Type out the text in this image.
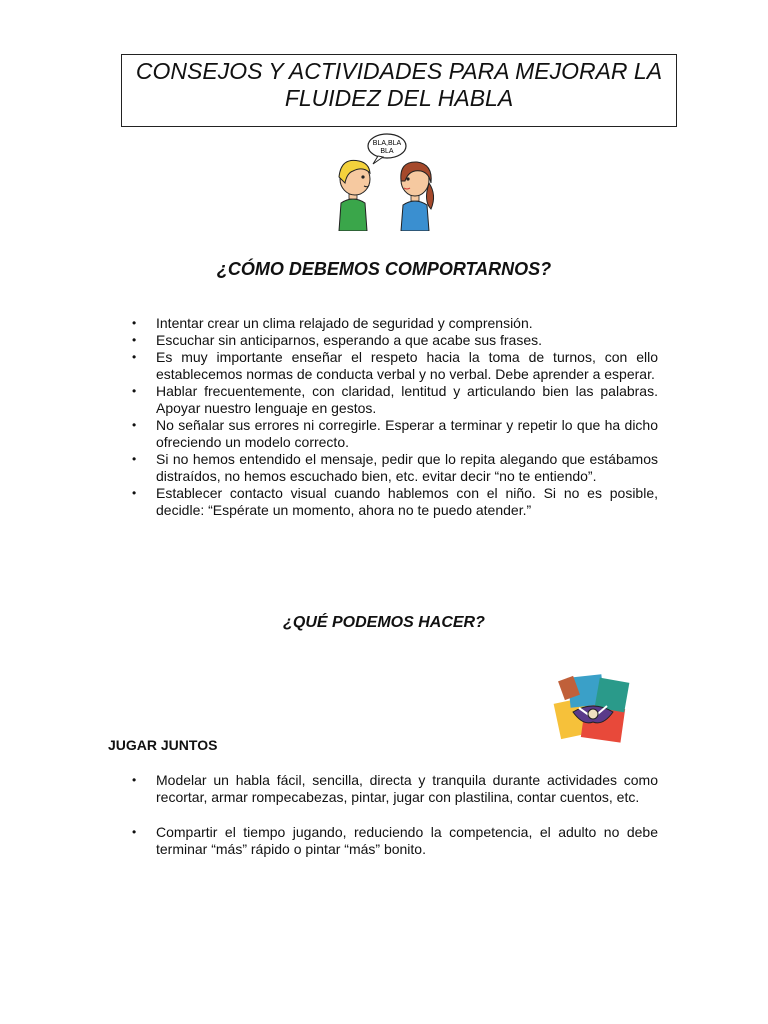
CONSEJOS Y ACTIVIDADES PARA MEJORAR LA
FLUIDEZ DEL HABLA
BLA,BLA
BLA
¿CÓMO DEBEMOS COMPORTARNOS?
• Intentar crear un clima relajado de seguridad y comprensión.
• Escuchar sin anticiparnos, esperando a que acabe sus frases.
• Es muy importante enseñar el respeto hacia la toma de turnos, con ello establecemos normas de conducta verbal y no verbal. Debe aprender a esperar.
• Hablar frecuentemente, con claridad, lentitud y articulando bien las palabras. Apoyar nuestro lenguaje en gestos.
• No señalar sus errores ni corregirle. Esperar a terminar y repetir lo que ha dicho ofreciendo un modelo correcto.
• Si no hemos entendido el mensaje, pedir que lo repita alegando que estábamos distraídos, no hemos escuchado bien, etc. evitar decir “no te entiendo”.
• Establecer contacto visual cuando hablemos con el niño. Si no es posible, decidle: “Espérate un momento, ahora no te puedo atender.”
¿QUÉ PODEMOS HACER?
JUGAR JUNTOS
• Modelar un habla fácil, sencilla, directa y tranquila durante actividades como recortar, armar rompecabezas, pintar, jugar con plastilina, contar cuentos, etc.
• Compartir el tiempo jugando, reduciendo la competencia, el adulto no debe terminar “más” rápido o pintar “más” bonito.
